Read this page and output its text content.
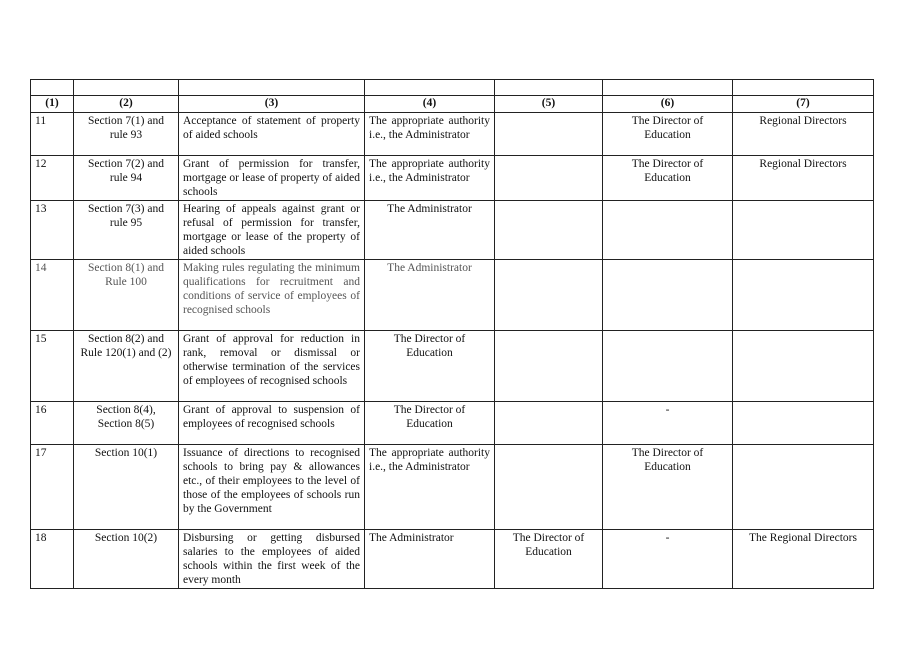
(1)	(2)	(3)	(4)	(5)	(6)	(7)
11	Section 7(1) and rule 93	Acceptance of statement of property of aided schools	The appropriate authority i.e., the Administrator		The Director of Education	Regional Directors
12	Section 7(2) and rule 94	Grant of permission for transfer, mortgage or lease of property of aided schools	The appropriate authority i.e., the Administrator		The Director of Education	Regional Directors
13	Section 7(3) and rule 95	Hearing of appeals against grant or refusal of permission for transfer, mortgage or lease of the property of aided schools	The Administrator			
14	Section 8(1) and Rule 100	Making rules regulating the minimum qualifications for recruitment and conditions of service of employees of recognised schools	The Administrator			
15	Section 8(2) and Rule 120(1) and (2)	Grant of approval for reduction in rank, removal or dismissal or otherwise termination of the services of employees of recognised schools	The Director of Education			
16	Section 8(4), Section 8(5)	Grant of approval to suspension of employees of recognised schools	The Director of Education		-	
17	Section 10(1)	Issuance of directions to recognised schools to bring pay & allowances etc., of their employees to the level of those of the employees of schools run by the Government	The appropriate authority i.e., the Administrator		The Director of Education	
18	Section 10(2)	Disbursing or getting disbursed salaries to the employees of aided schools within the first week of the every month	The Administrator	The Director of Education	-	The Regional Directors
